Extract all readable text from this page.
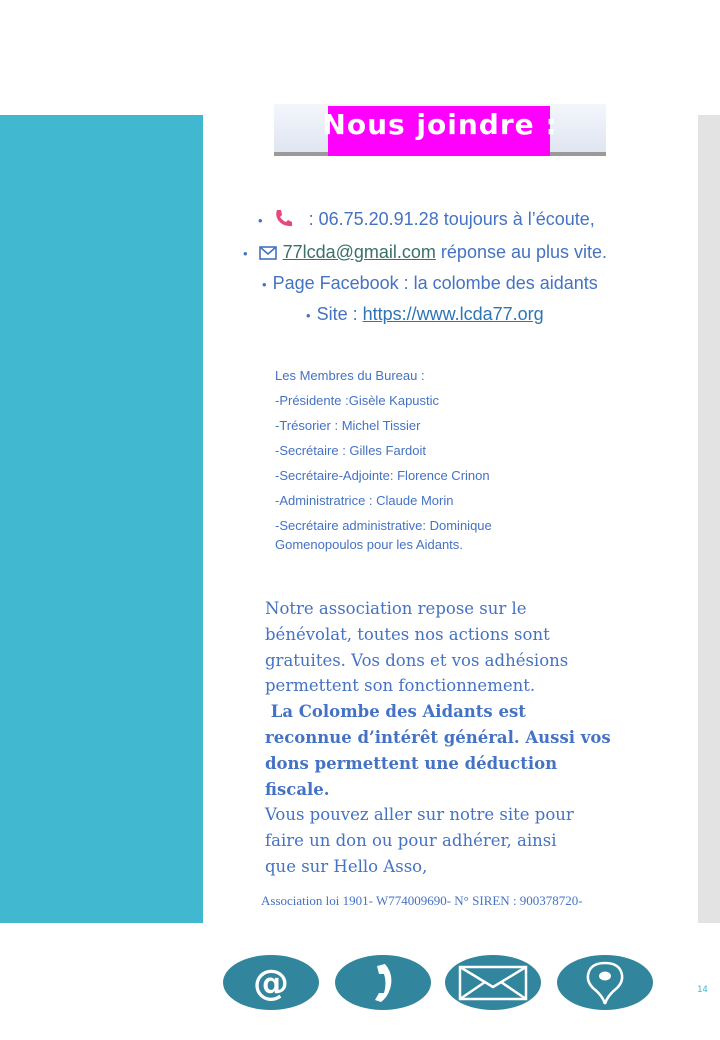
Nous joindre :
•	: 06.75.20.91.28 toujours à l’écoute,
• 77lcda@gmail.com réponse au plus vite.
• Page Facebook : la colombe des aidants
• Site : https://www.lcda77.org
Les Membres du Bureau :
-Présidente :Gisèle Kapustic
-Trésorier : Michel Tissier
-Secrétaire : Gilles Fardoit
-Secrétaire-Adjointe: Florence Crinon
-Administratrice : Claude Morin
-Secrétaire administrative: Dominique Gomenopoulos pour les Aidants.
Notre association repose sur le
bénévolat, toutes nos actions sont
gratuites. Vos dons et vos adhésions
permettent son fonctionnement.
La Colombe des Aidants est
reconnue d’intérêt général. Aussi vos
dons permettent une déduction
fiscale.
Vous pouvez aller sur notre site pour
faire un don ou pour adhérer, ainsi
que sur Hello Asso,
Association loi 1901- W774009690- N° SIREN : 900378720-
@	14
